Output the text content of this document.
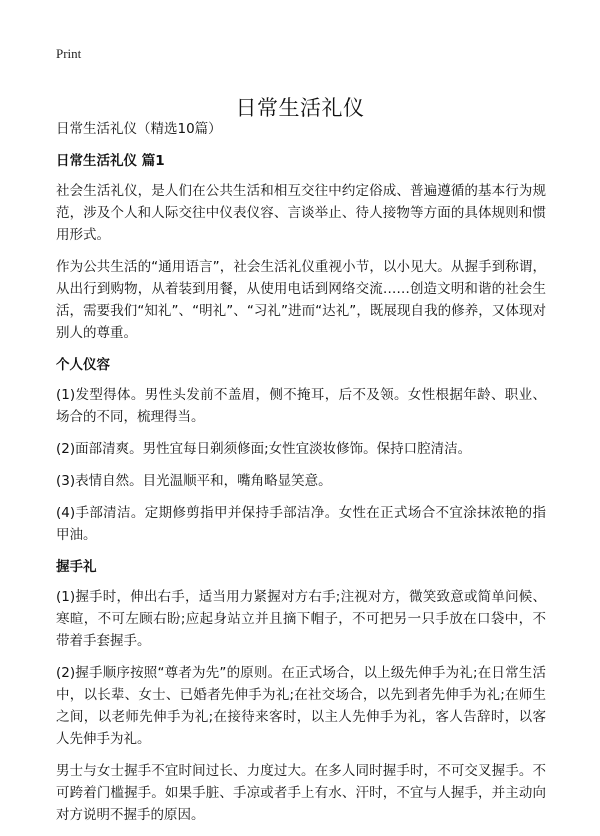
Print
日常生活礼仪

日常生活礼仪（精选10篇）

日常生活礼仪 篇1

社会生活礼仪，是人们在公共生活和相互交往中约定俗成、普遍遵循的基本行为规范，涉及个人和人际交往中仪表仪容、言谈举止、待人接物等方面的具体规则和惯用形式。

作为公共生活的“通用语言”，社会生活礼仪重视小节，以小见大。从握手到称谓，从出行到购物，从着装到用餐，从使用电话到网络交流……创造文明和谐的社会生活，需要我们“知礼”、“明礼”、“习礼”进而“达礼”，既展现自我的修养，又体现对别人的尊重。

个人仪容

(1)发型得体。男性头发前不盖眉，侧不掩耳，后不及领。女性根据年龄、职业、场合的不同，梳理得当。

(2)面部清爽。男性宜每日剃须修面;女性宜淡妆修饰。保持口腔清洁。

(3)表情自然。目光温顺平和，嘴角略显笑意。

(4)手部清洁。定期修剪指甲并保持手部洁净。女性在正式场合不宜涂抹浓艳的指甲油。

握手礼

(1)握手时，伸出右手，适当用力紧握对方右手;注视对方，微笑致意或简单问候、寒暄，不可左顾右盼;应起身站立并且摘下帽子，不可把另一只手放在口袋中，不带着手套握手。

(2)握手顺序按照“尊者为先”的原则。在正式场合，以上级先伸手为礼;在日常生活中，以长辈、女士、已婚者先伸手为礼;在社交场合，以先到者先伸手为礼;在师生之间，以老师先伸手为礼;在接待来客时，以主人先伸手为礼，客人告辞时，以客人先伸手为礼。

男士与女士握手不宜时间过长、力度过大。在多人同时握手时，不可交叉握手。不可跨着门槛握手。如果手脏、手凉或者手上有水、汗时，不宜与人握手，并主动向对方说明不握手的原因。
